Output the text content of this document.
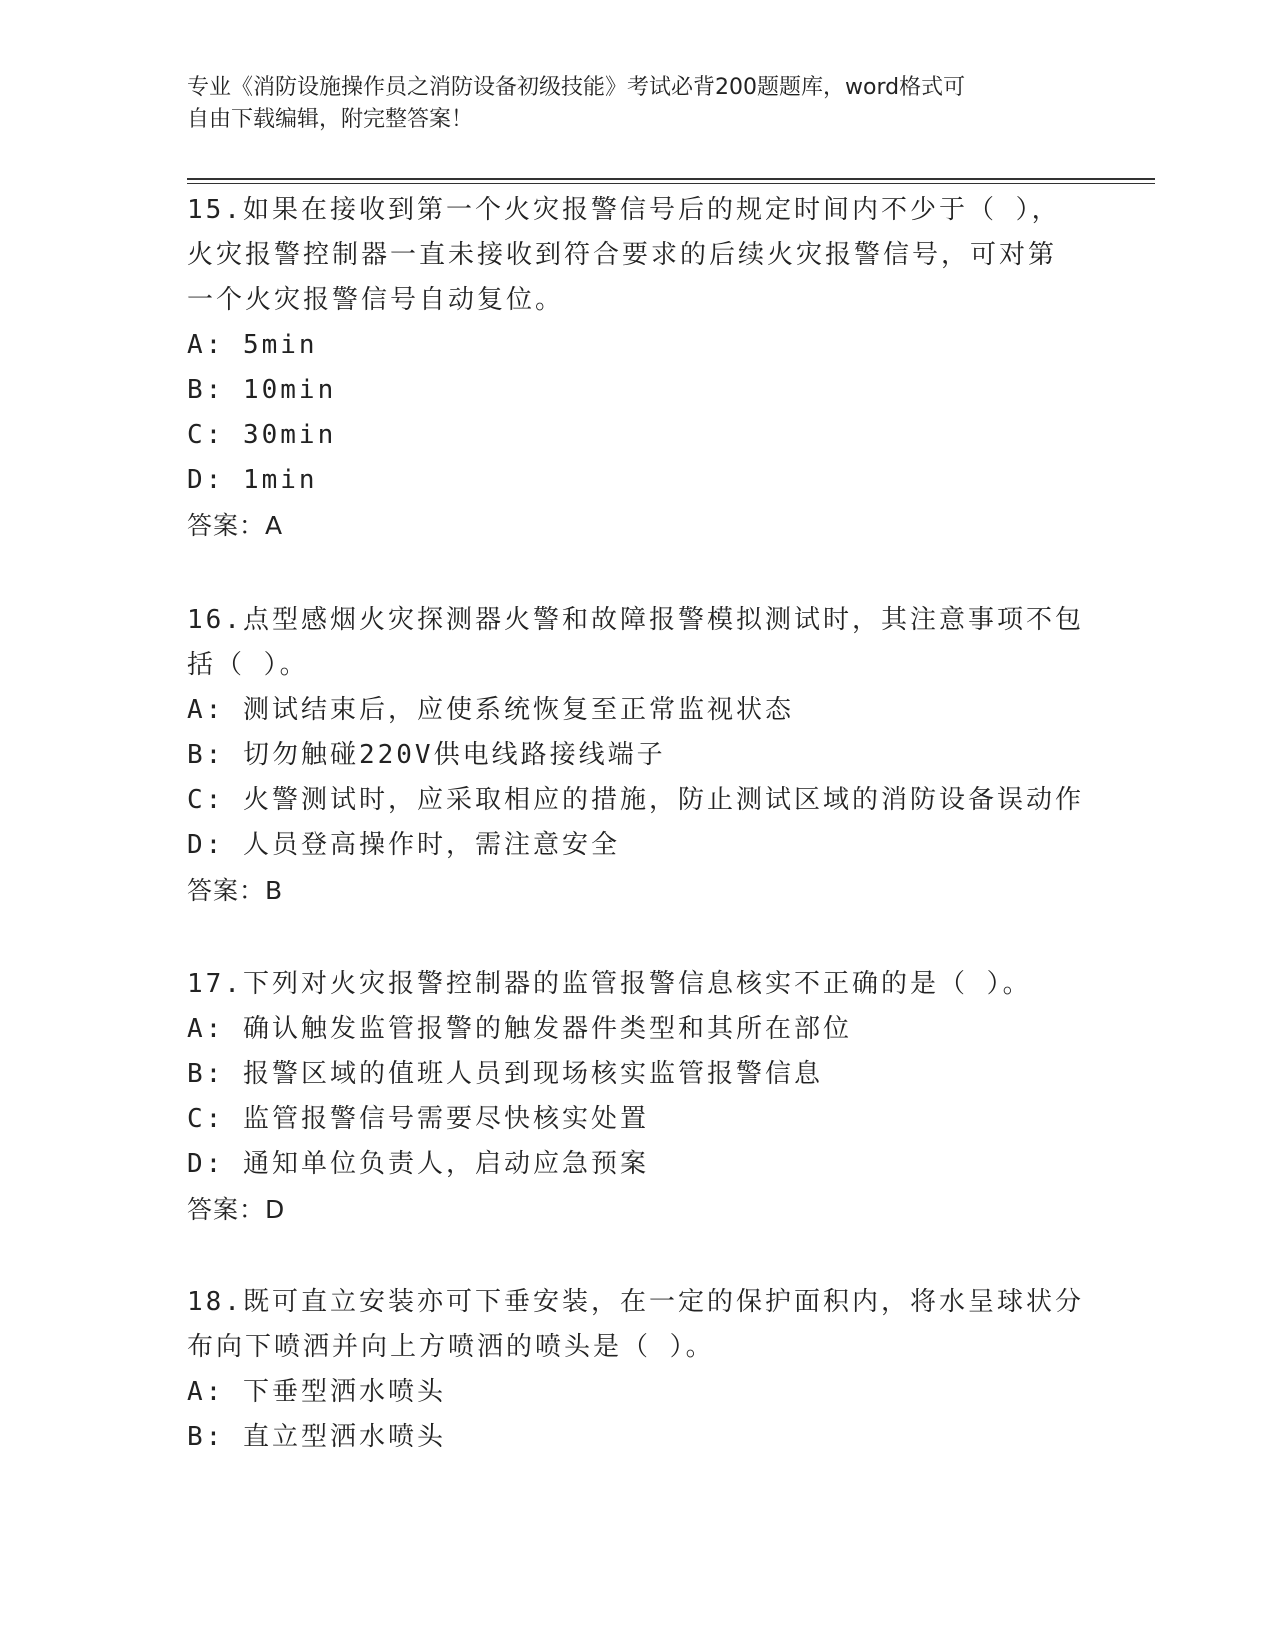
专业《消防设施操作员之消防设备初级技能》考试必背200题题库，word格式可
自由下载编辑，附完整答案！
15.如果在接收到第一个火灾报警信号后的规定时间内不少于（ ），
火灾报警控制器一直未接收到符合要求的后续火灾报警信号，可对第
一个火灾报警信号自动复位。
A: 5min
B: 10min
C: 30min
D: 1min
答案：A
16.点型感烟火灾探测器火警和故障报警模拟测试时，其注意事项不包
括（ ）。
A: 测试结束后，应使系统恢复至正常监视状态
B: 切勿触碰220V供电线路接线端子
C: 火警测试时，应采取相应的措施，防止测试区域的消防设备误动作
D: 人员登高操作时，需注意安全
答案：B
17.下列对火灾报警控制器的监管报警信息核实不正确的是（ ）。
A: 确认触发监管报警的触发器件类型和其所在部位
B: 报警区域的值班人员到现场核实监管报警信息
C: 监管报警信号需要尽快核实处置
D: 通知单位负责人，启动应急预案
答案：D
18.既可直立安装亦可下垂安装，在一定的保护面积内，将水呈球状分
布向下喷洒并向上方喷洒的喷头是（ ）。
A: 下垂型洒水喷头
B: 直立型洒水喷头
